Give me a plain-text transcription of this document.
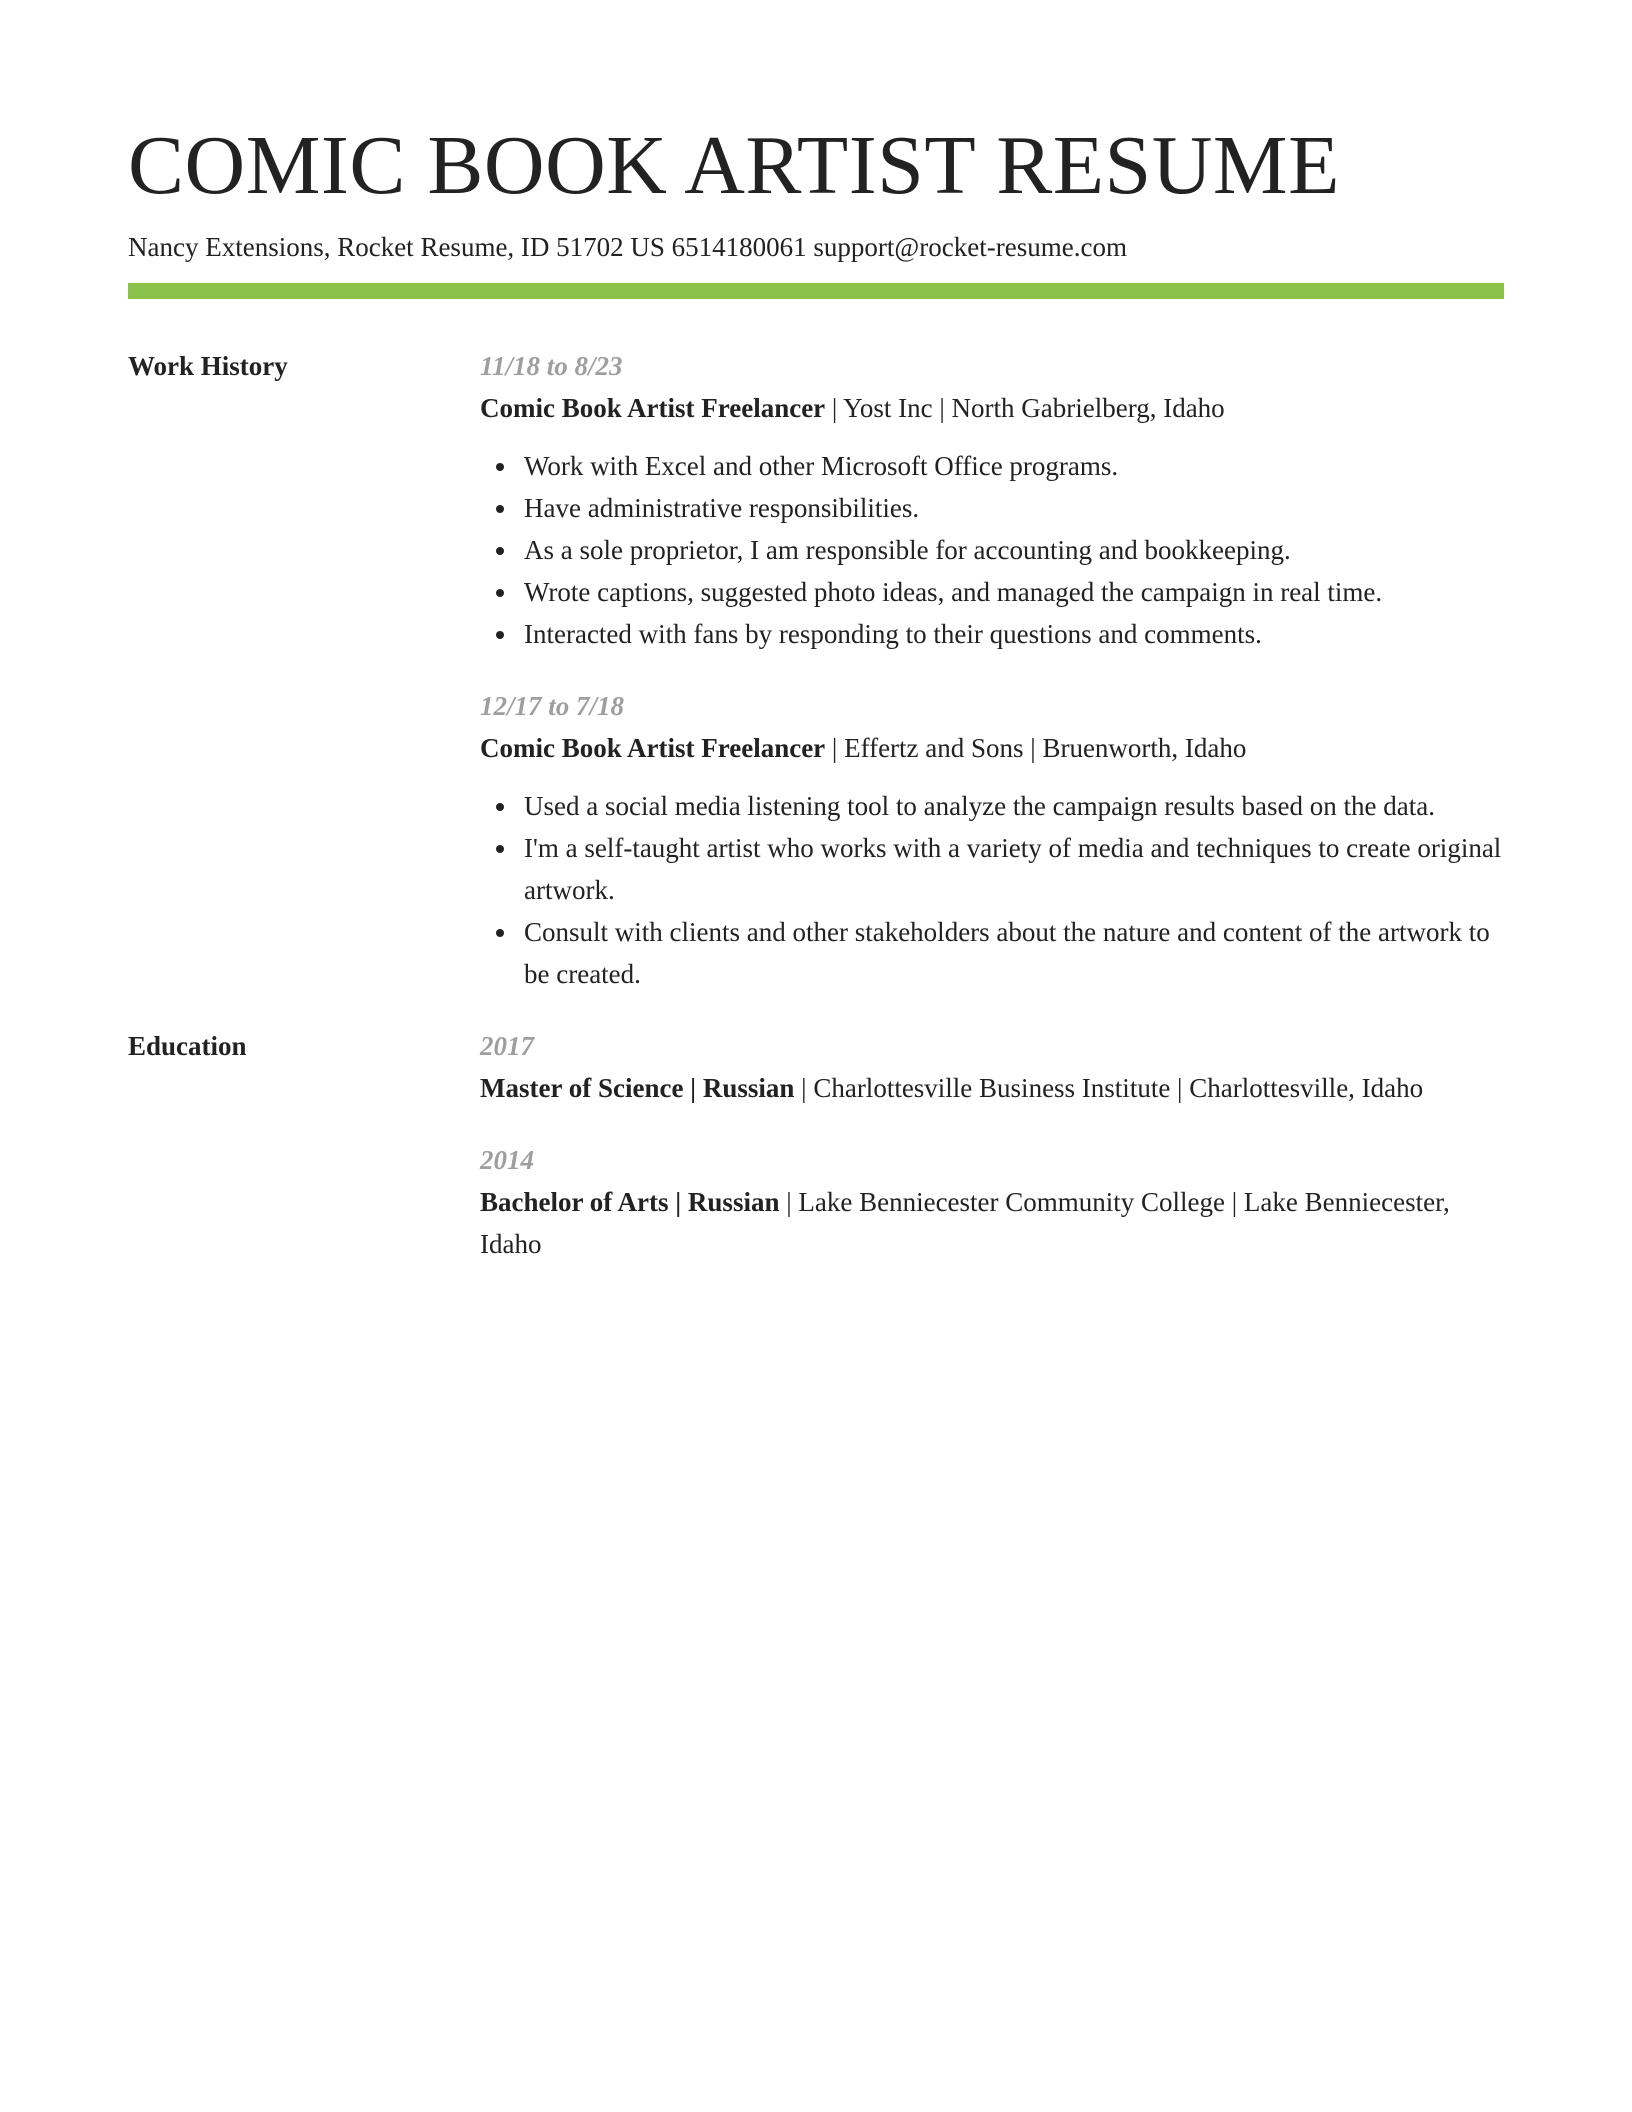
COMIC BOOK ARTIST RESUME
Nancy Extensions, Rocket Resume, ID 51702 US 6514180061 support@rocket-resume.com
Work History	11/18 to 8/23
Comic Book Artist Freelancer | Yost Inc | North Gabrielberg, Idaho
Work with Excel and other Microsoft Office programs.
Have administrative responsibilities.
As a sole proprietor, I am responsible for accounting and bookkeeping.
Wrote captions, suggested photo ideas, and managed the campaign in real time.
Interacted with fans by responding to their questions and comments.
12/17 to 7/18
Comic Book Artist Freelancer | Effertz and Sons | Bruenworth, Idaho
Used a social media listening tool to analyze the campaign results based on the data.
I'm a self-taught artist who works with a variety of media and techniques to create original artwork.
Consult with clients and other stakeholders about the nature and content of the artwork to be created.
Education	2017
Master of Science | Russian | Charlottesville Business Institute | Charlottesville, Idaho
2014
Bachelor of Arts | Russian | Lake Benniecester Community College | Lake Benniecester, Idaho
